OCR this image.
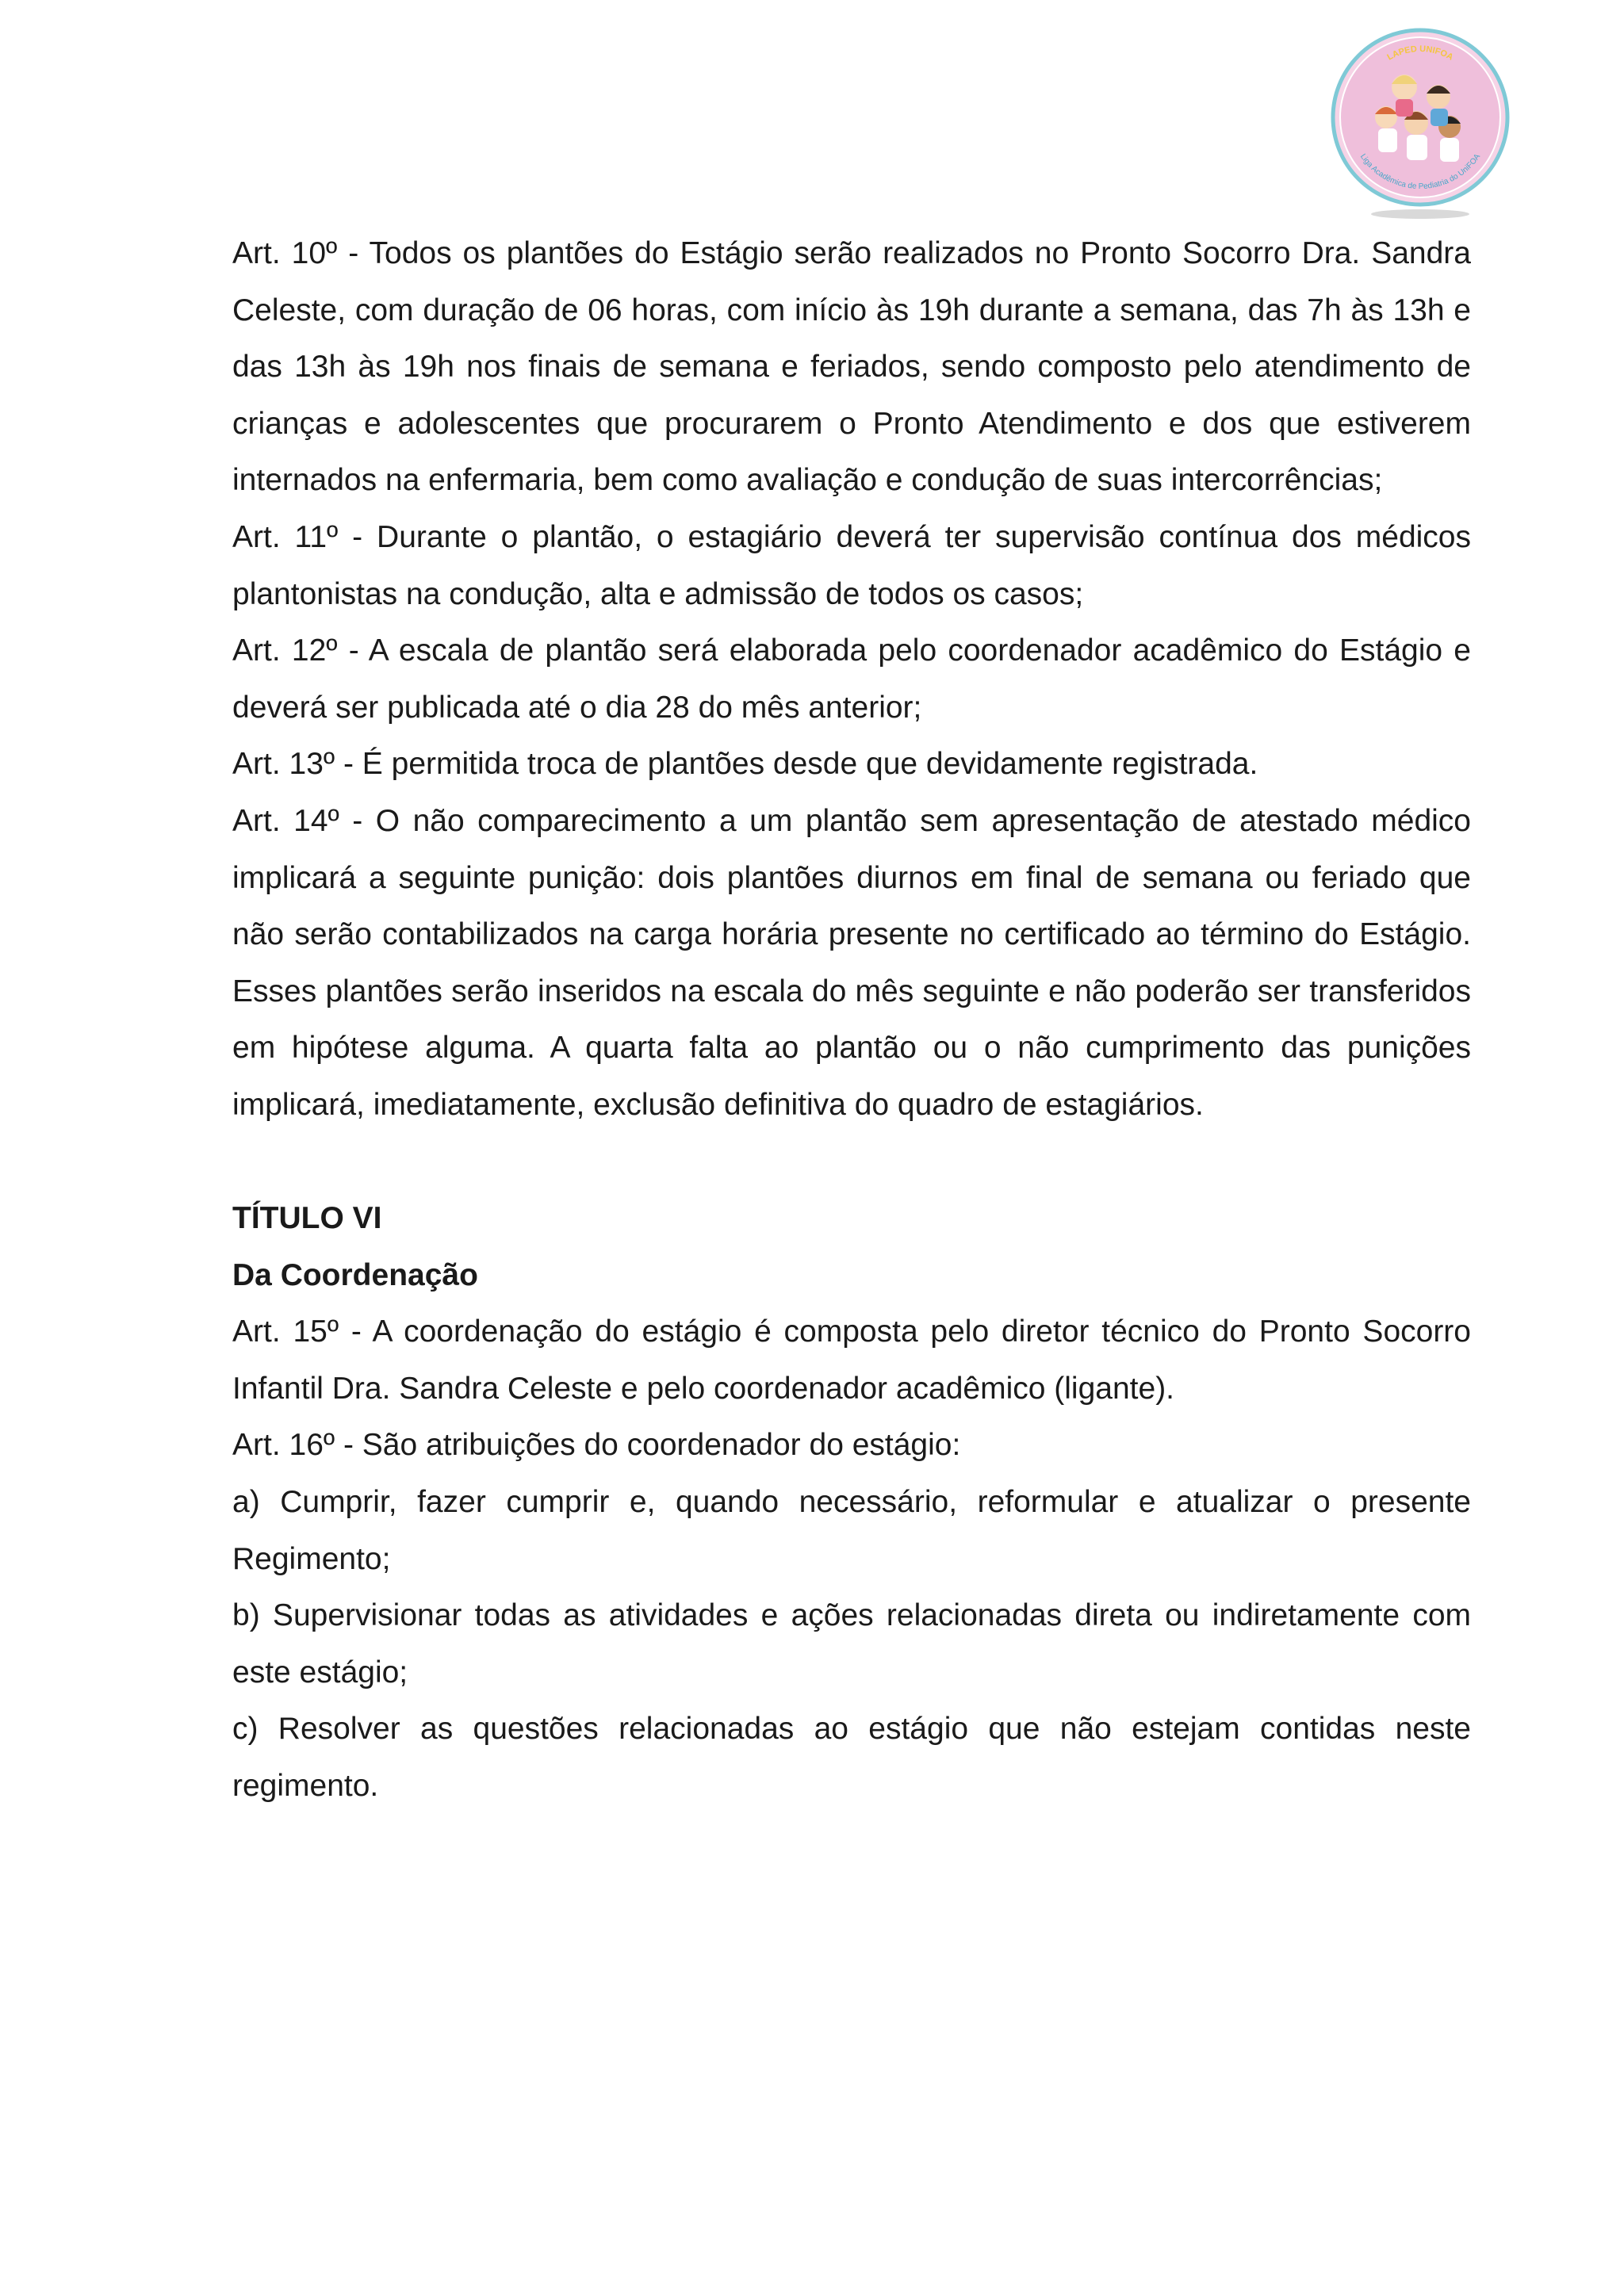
LAPED UNIFOA
Liga Acadêmica de Pediatria do UniFOA

Art. 10º - Todos os plantões do Estágio serão realizados no Pronto Socorro Dra. Sandra Celeste, com duração de 06 horas, com início às 19h durante a semana, das 7h às 13h e das 13h às 19h nos finais de semana e feriados, sendo composto pelo atendimento de crianças e adolescentes que procurarem o Pronto Atendimento e dos que estiverem internados na enfermaria, bem como avaliação e condução de suas intercorrências;

Art. 11º - Durante o plantão, o estagiário deverá ter supervisão contínua dos médicos plantonistas na condução, alta e admissão de todos os casos;

Art. 12º - A escala de plantão será elaborada pelo coordenador acadêmico do Estágio e deverá ser publicada até o dia 28 do mês anterior;

Art. 13º - É permitida troca de plantões desde que devidamente registrada.

Art. 14º - O não comparecimento a um plantão sem apresentação de atestado médico implicará a seguinte punição: dois plantões diurnos em final de semana ou feriado que não serão contabilizados na carga horária presente no certificado ao término do Estágio. Esses plantões serão inseridos na escala do mês seguinte e não poderão ser transferidos em hipótese alguma. A quarta falta ao plantão ou o não cumprimento das punições implicará, imediatamente, exclusão definitiva do quadro de estagiários.

TÍTULO VI

Da Coordenação

Art. 15º - A coordenação do estágio é composta pelo diretor técnico do Pronto Socorro Infantil Dra. Sandra Celeste e pelo coordenador acadêmico (ligante).

Art. 16º - São atribuições do coordenador do estágio:

a) Cumprir, fazer cumprir e, quando necessário, reformular e atualizar o presente Regimento;

b) Supervisionar todas as atividades e ações relacionadas direta ou indiretamente com este estágio;

c) Resolver as questões relacionadas ao estágio que não estejam contidas neste regimento.
